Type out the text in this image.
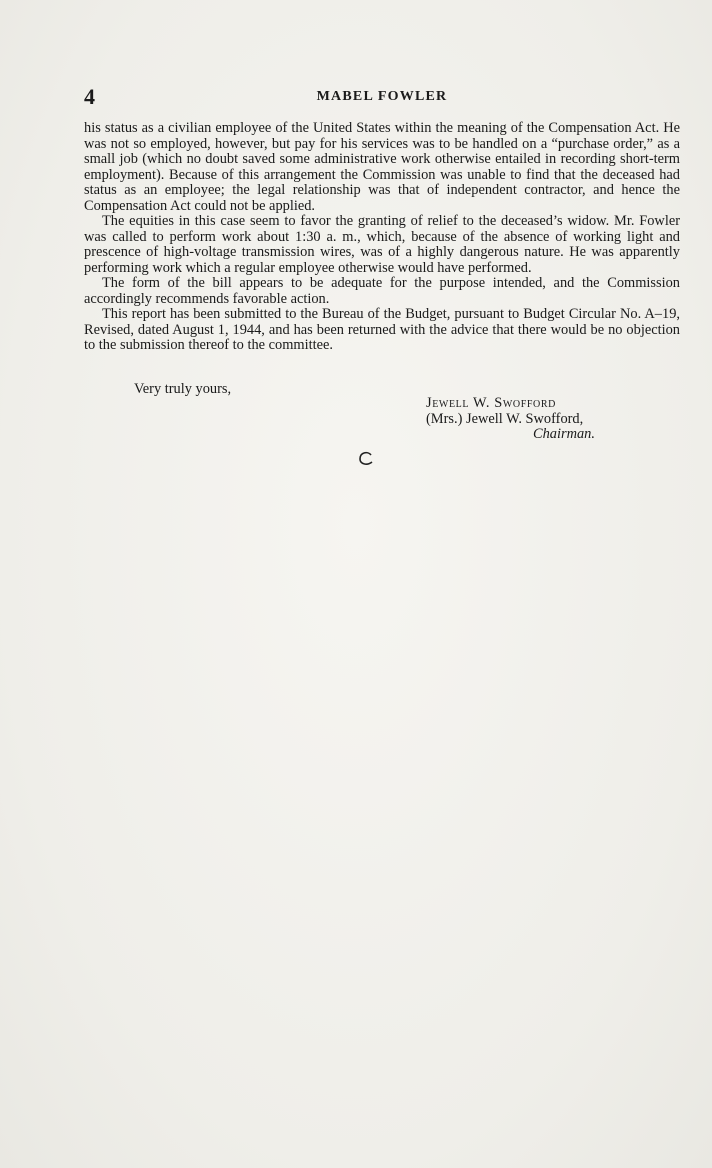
4	MABEL FOWLER

his status as a civilian employee of the United States within the meaning of the Compensation Act. He was not so employed, however, but pay for his services was to be handled on a “purchase order,” as a small job (which no doubt saved some administrative work otherwise entailed in recording short-term employment). Because of this arrangement the Commission was unable to find that the deceased had status as an employee; the legal relationship was that of independent contractor, and hence the Compensation Act could not be applied.

The equities in this case seem to favor the granting of relief to the deceased’s widow. Mr. Fowler was called to perform work about 1:30 a. m., which, because of the absence of working light and prescence of high-voltage transmission wires, was of a highly dangerous nature. He was apparently performing work which a regular employee otherwise would have performed.

The form of the bill appears to be adequate for the purpose intended, and the Commission accordingly recommends favorable action.

This report has been submitted to the Bureau of the Budget, pursuant to Budget Circular No. A–19, Revised, dated August 1, 1944, and has been returned with the advice that there would be no objection to the submission thereof to the committee.

Very truly yours,
Jewell W. Swofford
(Mrs.) Jewell W. Swofford,
Chairman.
